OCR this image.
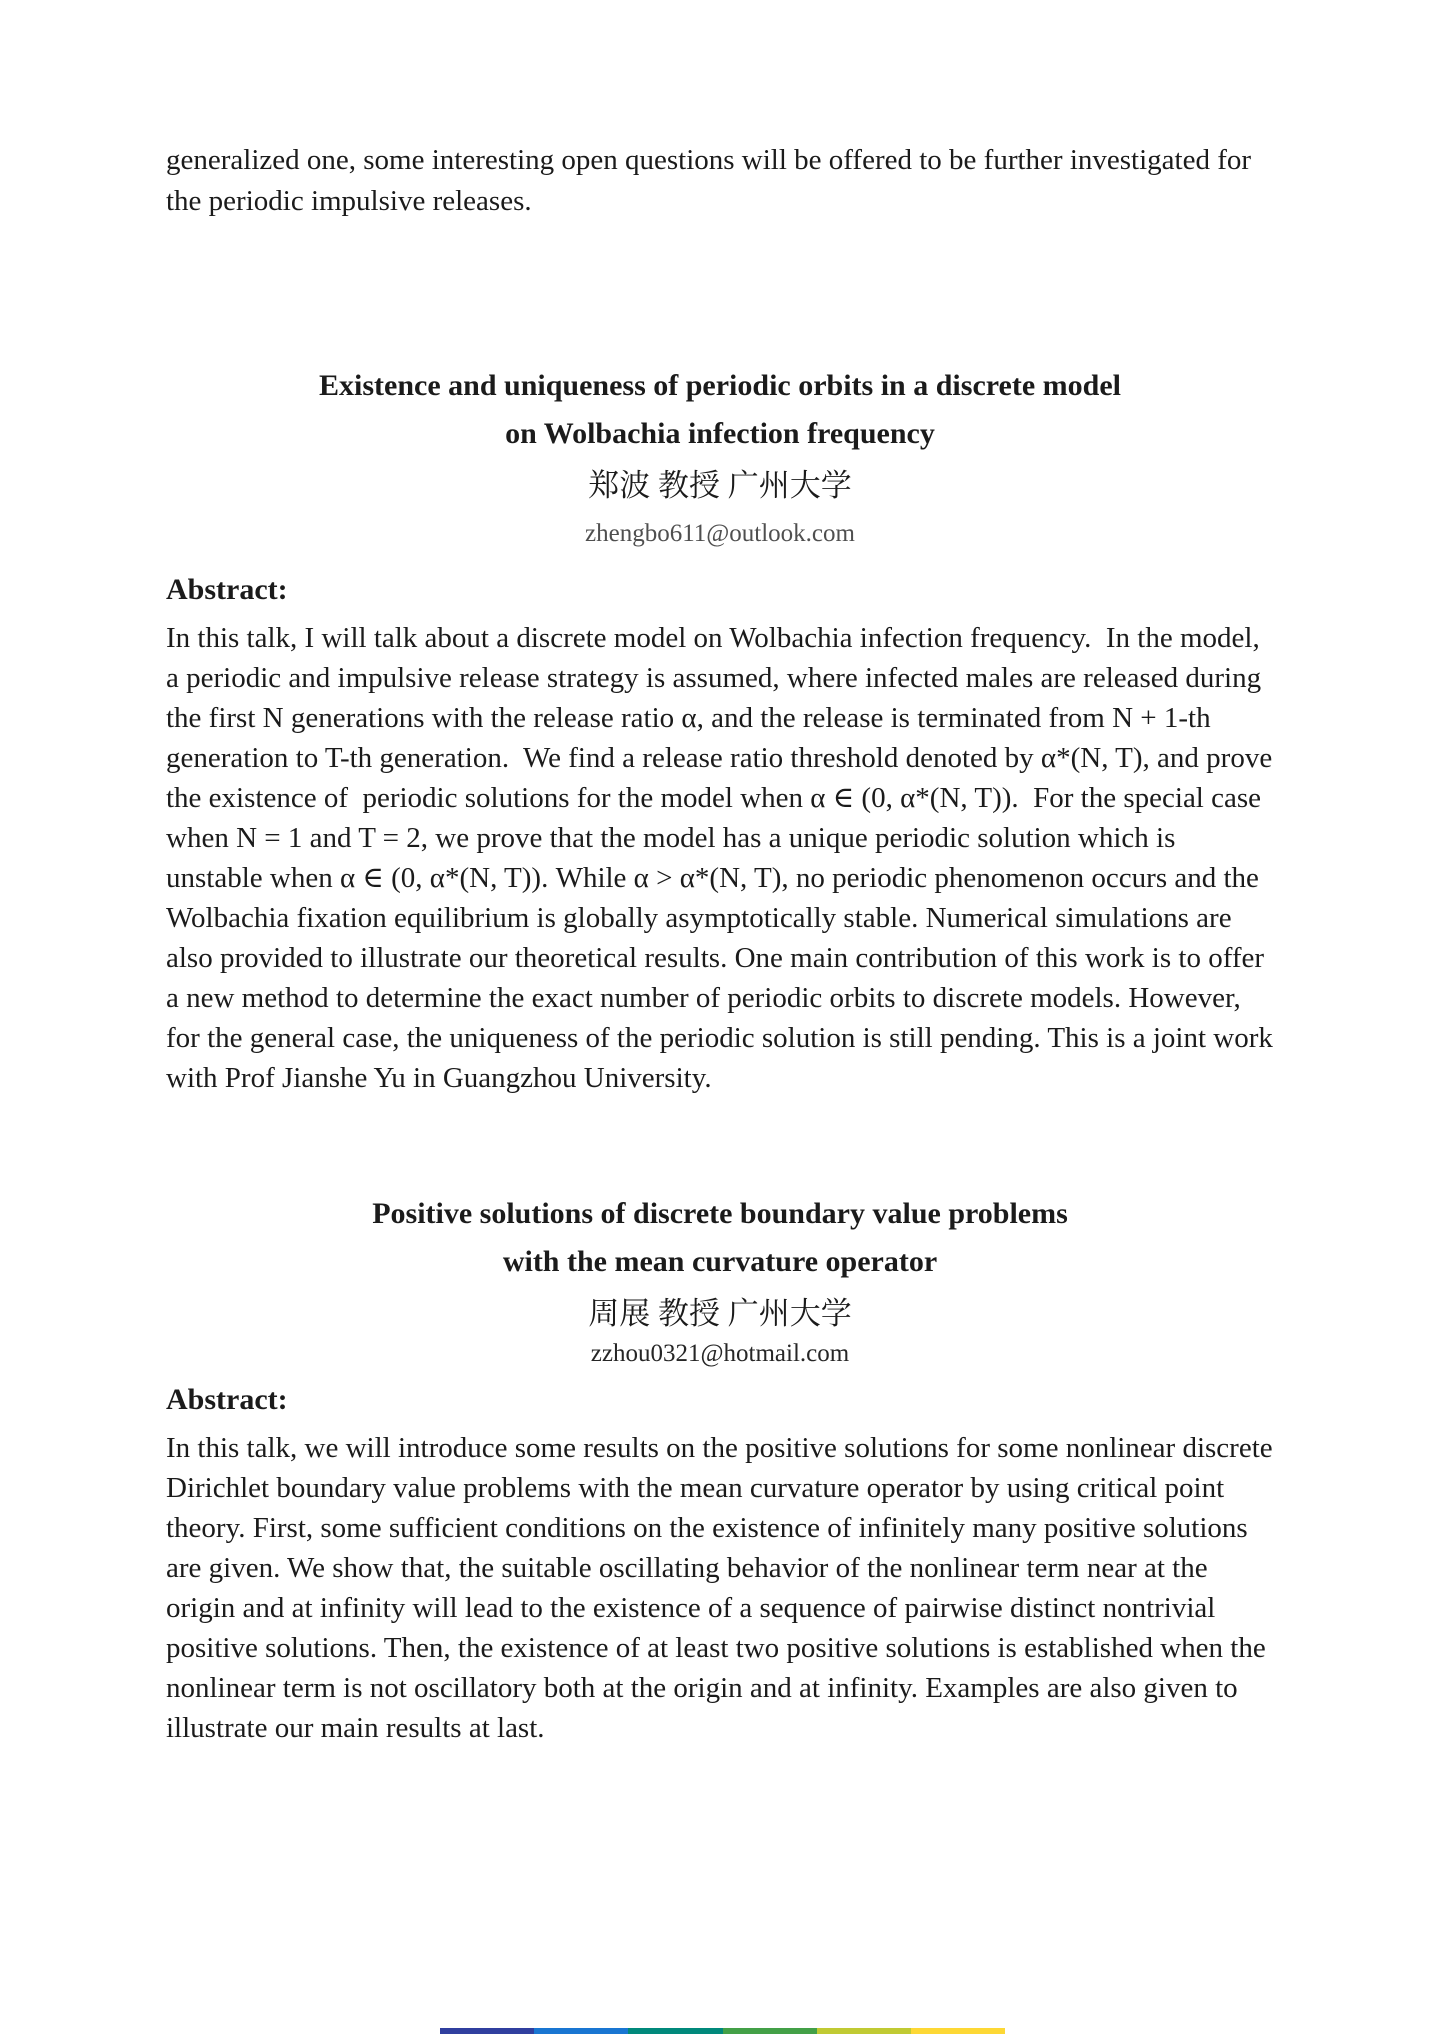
generalized one, some interesting open questions will be offered to be further investigated for the periodic impulsive releases.

Existence and uniqueness of periodic orbits in a discrete model
on Wolbachia infection frequency
郑波 教授 广州大学
zhengbo611@outlook.com
Abstract:

In this talk, I will talk about a discrete model on Wolbachia infection frequency.  In the model, a periodic and impulsive release strategy is assumed, where infected males are released during the first N generations with the release ratio α, and the release is terminated from N + 1-th generation to T-th generation.  We find a release ratio threshold denoted by α*(N, T), and prove the existence of  periodic solutions for the model when α ∈ (0, α*(N, T)).  For the special case when N = 1 and T = 2, we prove that the model has a unique periodic solution which is unstable when α ∈ (0, α*(N, T)). While α > α*(N, T), no periodic phenomenon occurs and the Wolbachia fixation equilibrium is globally asymptotically stable. Numerical simulations are also provided to illustrate our theoretical results. One main contribution of this work is to offer a new method to determine the exact number of periodic orbits to discrete models. However, for the general case, the uniqueness of the periodic solution is still pending. This is a joint work with Prof Jianshe Yu in Guangzhou University.

Positive solutions of discrete boundary value problems
with the mean curvature operator
周展 教授 广州大学
zzhou0321@hotmail.com
Abstract:

In this talk, we will introduce some results on the positive solutions for some nonlinear discrete Dirichlet boundary value problems with the mean curvature operator by using critical point theory. First, some sufficient conditions on the existence of infinitely many positive solutions are given. We show that, the suitable oscillating behavior of the nonlinear term near at the origin and at infinity will lead to the existence of a sequence of pairwise distinct nontrivial positive solutions. Then, the existence of at least two positive solutions is established when the nonlinear term is not oscillatory both at the origin and at infinity. Examples are also given to illustrate our main results at last.
